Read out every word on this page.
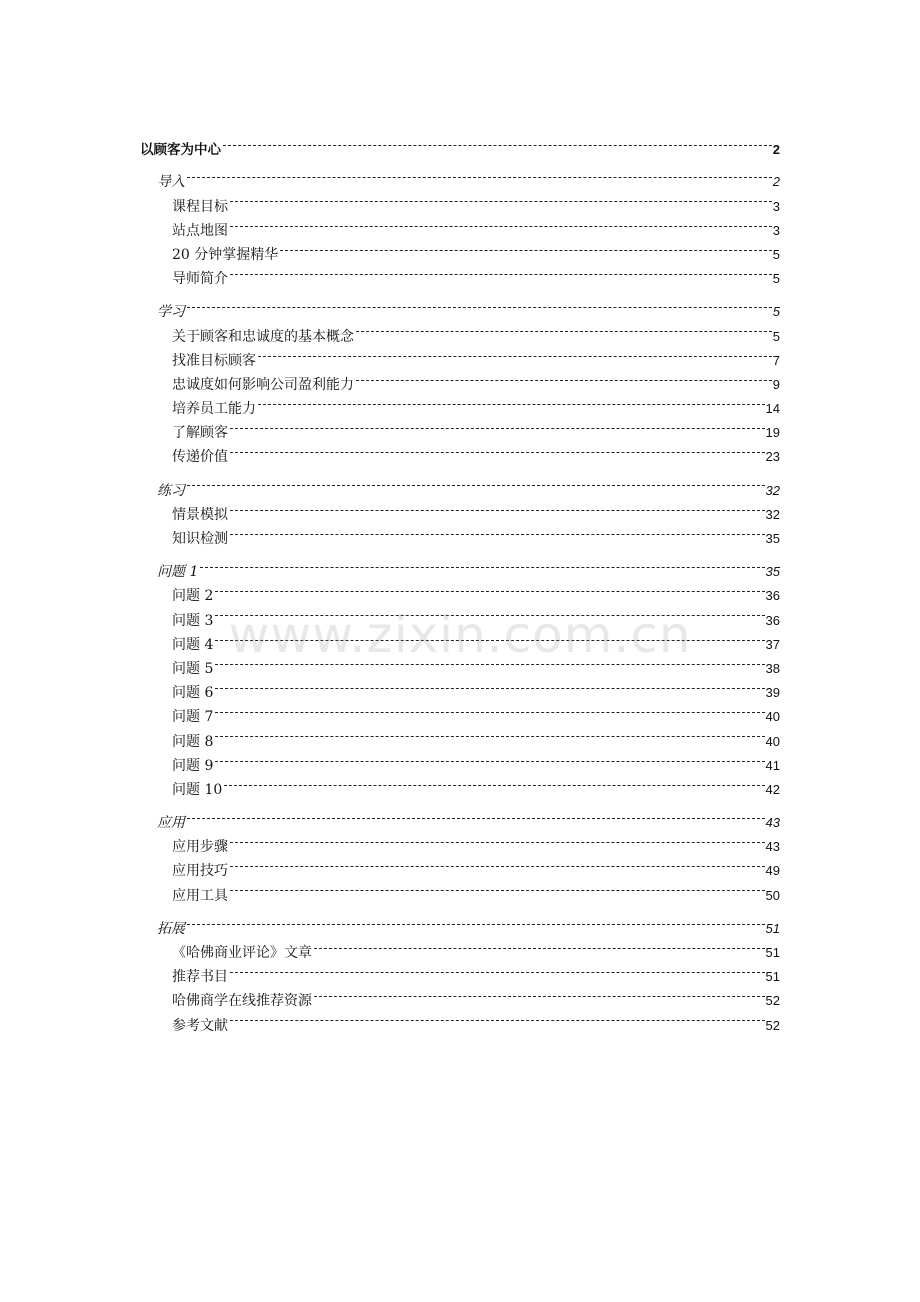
以顾客为中心	2
导入	2
课程目标	3
站点地图	3
20 分钟掌握精华	5
导师简介	5
学习	5
关于顾客和忠诚度的基本概念	5
找准目标顾客	7
忠诚度如何影响公司盈利能力	9
培养员工能力	14
了解顾客	19
传递价值	23
练习	32
情景模拟	32
知识检测	35
问题 1	35
问题 2	36
问题 3	36
问题 4	37
问题 5	38
问题 6	39
问题 7	40
问题 8	40
问题 9	41
问题 10	42
应用	43
应用步骤	43
应用技巧	49
应用工具	50
拓展	51
《哈佛商业评论》文章	51
推荐书目	51
哈佛商学在线推荐资源	52
参考文献	52
www.zixin.com.cn
